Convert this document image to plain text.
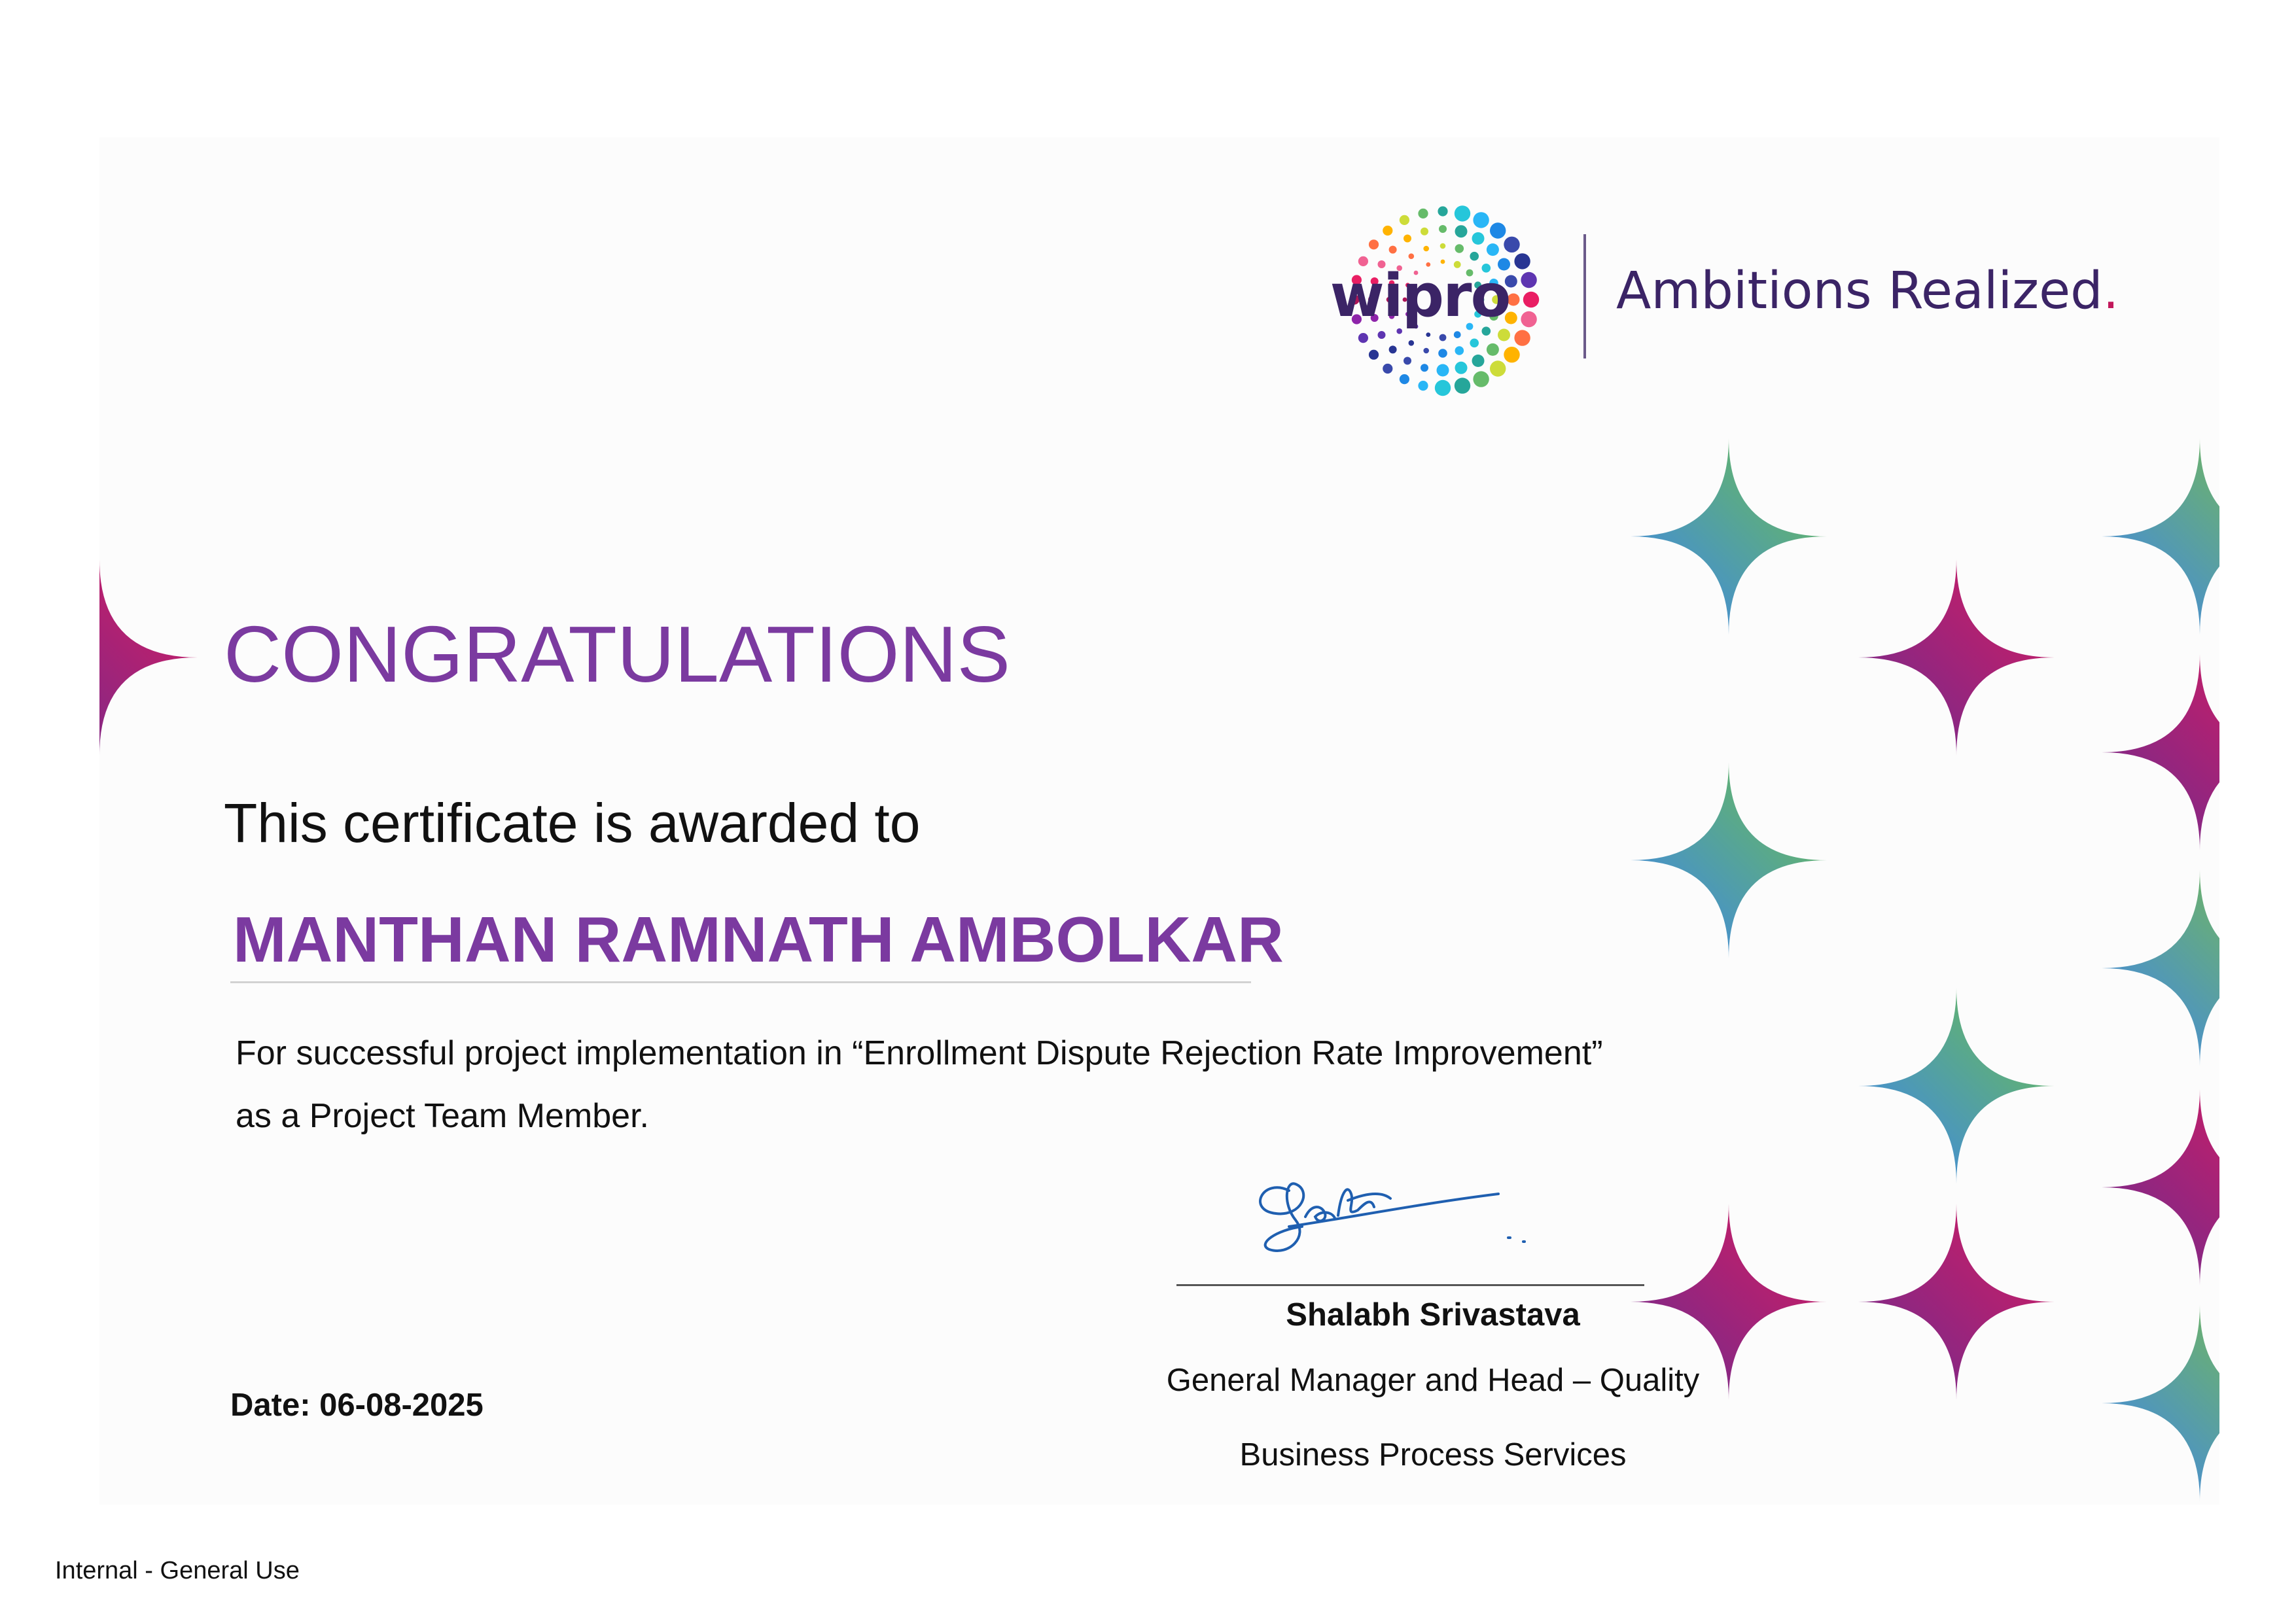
wipro	Ambitions Realized.
CONGRATULATIONS
This certificate is awarded to
MANTHAN RAMNATH AMBOLKAR
For successful project implementation in “Enrollment Dispute Rejection Rate Improvement”
as a Project Team Member.
Shalabh Srivastava
General Manager and Head – Quality
Business Process Services
Date: 06-08-2025
Internal - General Use
